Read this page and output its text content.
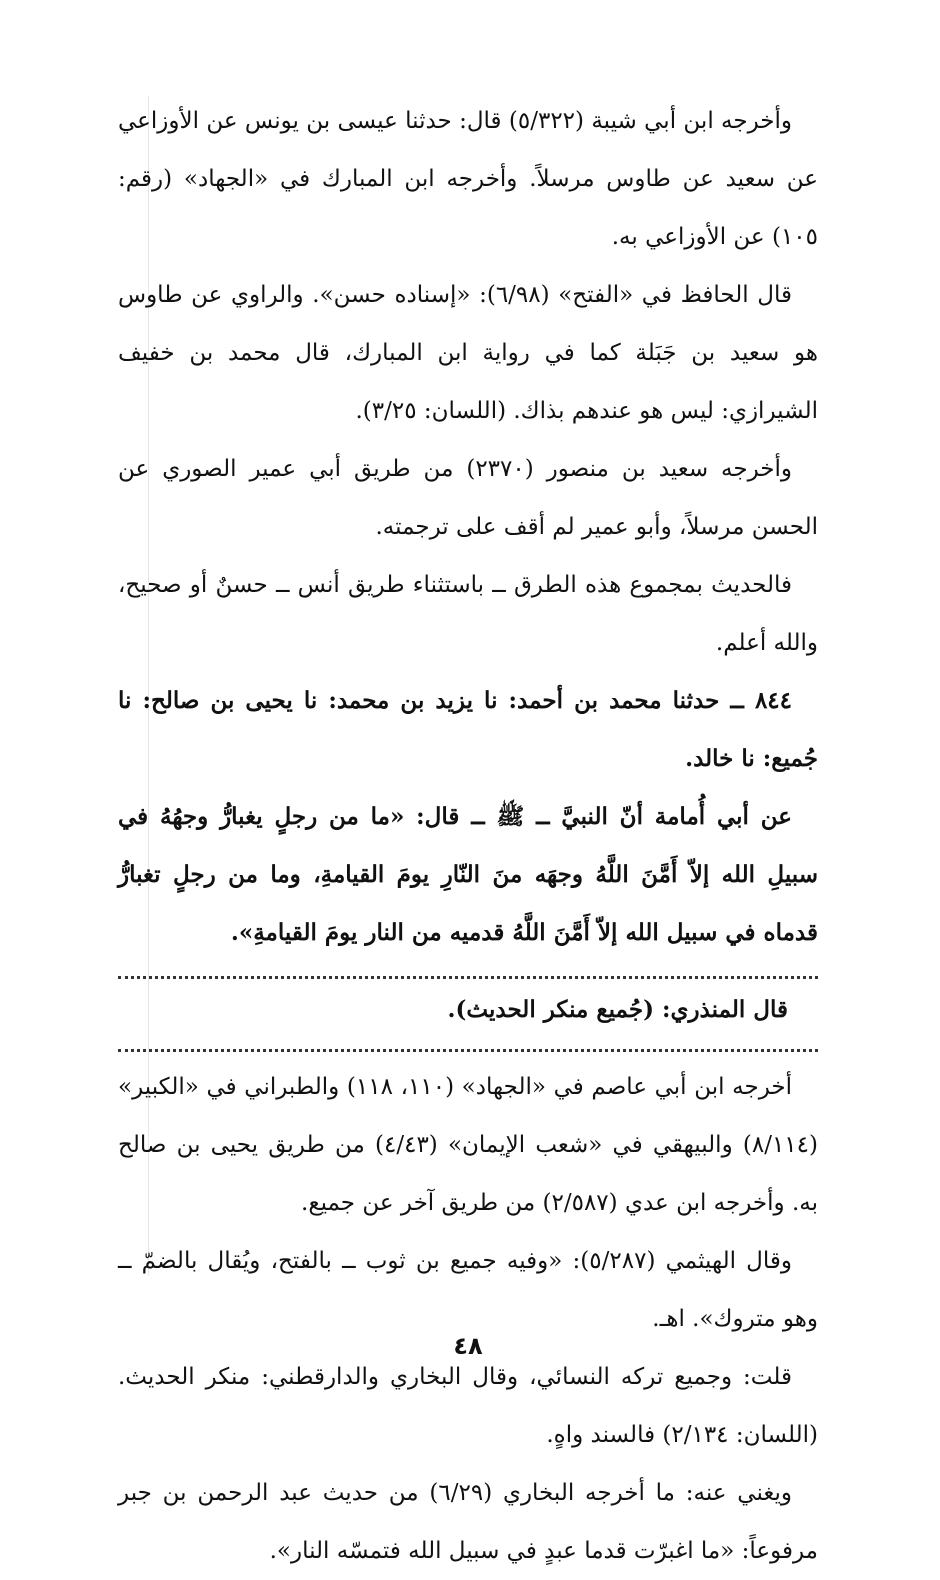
وأخرجه ابن أبي شيبة (٥/٣٢٢) قال: حدثنا عيسى بن يونس عن الأوزاعي عن سعيد عن طاوس مرسلاً. وأخرجه ابن المبارك في «الجهاد» (رقم: ١٠٥) عن الأوزاعي به.

قال الحافظ في «الفتح» (٦/٩٨): «إسناده حسن». والراوي عن طاوس هو سعيد بن جَبَلة كما في رواية ابن المبارك، قال محمد بن خفيف الشيرازي: ليس هو عندهم بذاك. (اللسان: ٣/٢٥).

وأخرجه سعيد بن منصور (٢٣٧٠) من طريق أبي عمير الصوري عن الحسن مرسلاً، وأبو عمير لم أقف على ترجمته.

فالحديث بمجموع هذه الطرق ــ باستثناء طريق أنس ــ حسنٌ أو صحيح، والله أعلم.

٨٤٤ ــ حدثنا محمد بن أحمد: نا يزيد بن محمد: نا يحيى بن صالح: نا جُميع: نا خالد.

عن أبي أُمامة أنّ النبيَّ ــ ﷺ ــ قال: «ما من رجلٍ يغبارُّ وجهُهُ في سبيلِ الله إلاّ أَمَّنَ اللَّهُ وجهَه منَ النّارِ يومَ القيامةِ، وما من رجلٍ تغبارُّ قدماه في سبيل الله إلاّ أَمَّنَ اللَّهُ قدميه من النار يومَ القيامةِ».

قال المنذري: (جُميع منكر الحديث).

أخرجه ابن أبي عاصم في «الجهاد» (١١٠، ١١٨) والطبراني في «الكبير» (٨/١١٤) والبيهقي في «شعب الإيمان» (٤/٤٣) من طريق يحيى بن صالح به. وأخرجه ابن عدي (٢/٥٨٧) من طريق آخر عن جميع.

وقال الهيثمي (٥/٢٨٧): «وفيه جميع بن ثوب ــ بالفتح، ويُقال بالضمّ ــ وهو متروك». اهـ.

قلت: وجميع تركه النسائي، وقال البخاري والدارقطني: منكر الحديث. (اللسان: ٢/١٣٤) فالسند واهٍ.

ويغني عنه: ما أخرجه البخاري (٦/٢٩) من حديث عبد الرحمن بن جبر مرفوعاً: «ما اغبرّت قدما عبدٍ في سبيل الله فتمسّه النار».

٤٨
